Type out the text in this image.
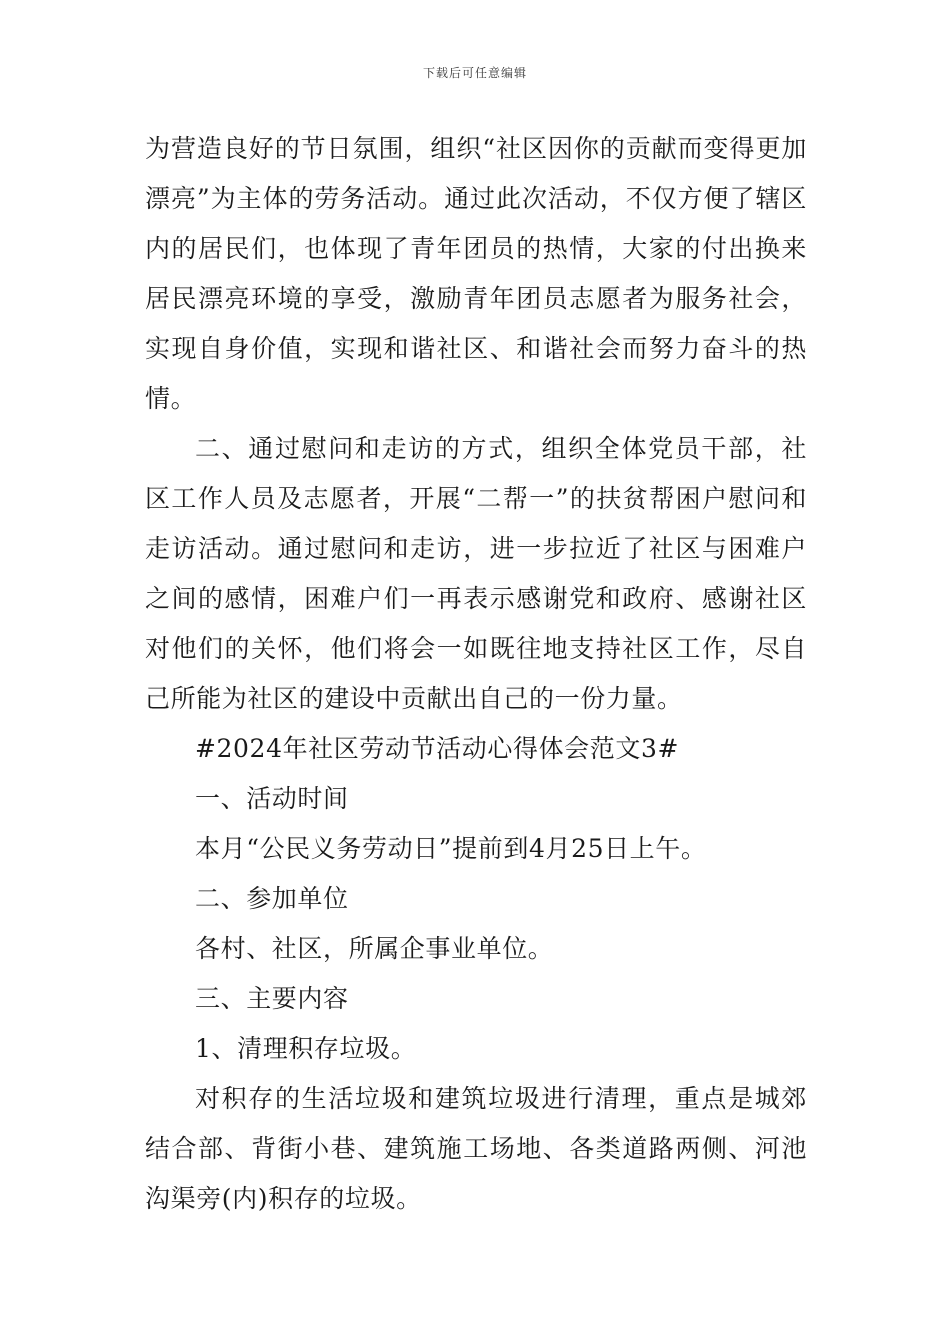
下载后可任意编辑

为营造良好的节日氛围，组织“社区因你的贡献而变得更加漂亮”为主体的劳务活动。通过此次活动，不仅方便了辖区内的居民们，也体现了青年团员的热情，大家的付出换来居民漂亮环境的享受，激励青年团员志愿者为服务社会，实现自身价值，实现和谐社区、和谐社会而努力奋斗的热情。

二、通过慰问和走访的方式，组织全体党员干部，社区工作人员及志愿者，开展“二帮一”的扶贫帮困户慰问和走访活动。通过慰问和走访，进一步拉近了社区与困难户之间的感情，困难户们一再表示感谢党和政府、感谢社区对他们的关怀，他们将会一如既往地支持社区工作，尽自己所能为社区的建设中贡献出自己的一份力量。

#2024年社区劳动节活动心得体会范文3#

一、活动时间

本月“公民义务劳动日”提前到4月25日上午。

二、参加单位

各村、社区，所属企事业单位。

三、主要内容

1、清理积存垃圾。

对积存的生活垃圾和建筑垃圾进行清理，重点是城郊结合部、背街小巷、建筑施工场地、各类道路两侧、河池沟渠旁(内)积存的垃圾。
